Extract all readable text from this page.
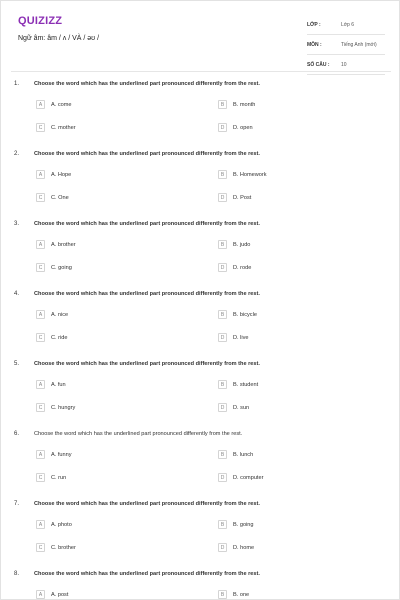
QUIZIZZ
Ngữ âm: âm / ʌ / VÀ / əʊ /
LỚP :	Lớp 6
MÔN :	Tiếng Anh (mới)
SỐ CÂU :	10
1.	Choose the word which has the underlined part pronounced differently from the rest.
A	A. come	B	B. month
C	C. mother	D	D. open
2.	Choose the word which has the underlined part pronounced differently from the rest.
A	A. Hope	B	B. Homework
C	C. One	D	D. Post
3.	Choose the word which has the underlined part pronounced differently from the rest.
A	A. brother	B	B. judo
C	C. going	D	D. rode
4.	Choose the word which has the underlined part pronounced differently from the rest.
A	A. nice	B	B. bicycle
C	C. ride	D	D. live
5.	Choose the word which has the underlined part pronounced differently from the rest.
A	A. fun	B	B. student
C	C. hungry	D	D. sun
6.	Choose the word which has the underlined part pronounced differently from the rest.
A	A. funny	B	B. lunch
C	C. run	D	D. computer
7.	Choose the word which has the underlined part pronounced differently from the rest.
A	A. photo	B	B. going
C	C. brother	D	D. home
8.	Choose the word which has the underlined part pronounced differently from the rest.
A	A. post	B	B. one
